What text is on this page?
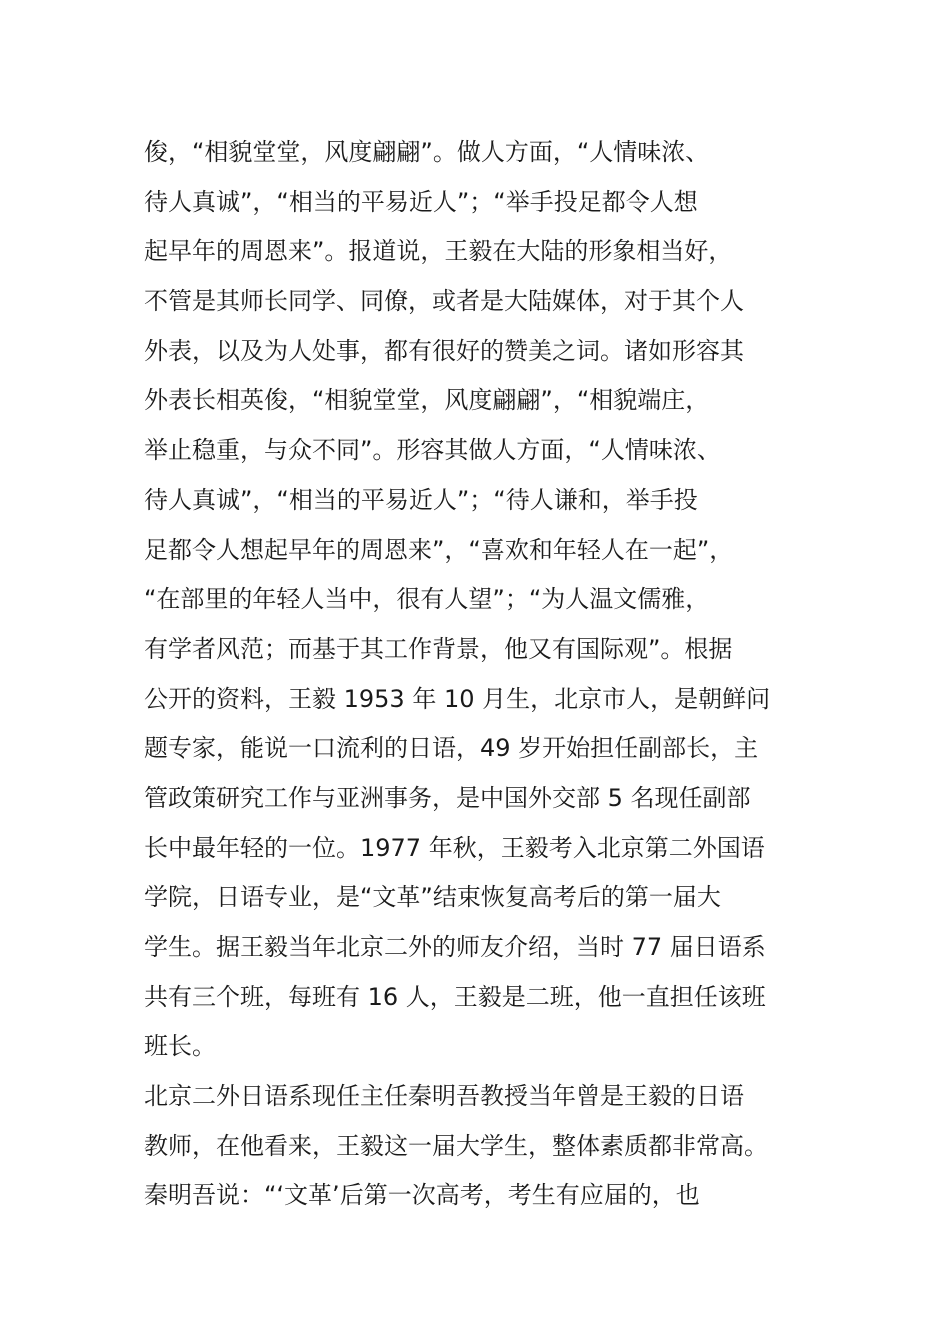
俊，“相貌堂堂，风度翩翩”。做人方面，“人情味浓、
待人真诚”，“相当的平易近人”；“举手投足都令人想
起早年的周恩来”。报道说，王毅在大陆的形象相当好，
不管是其师长同学、同僚，或者是大陆媒体，对于其个人
外表，以及为人处事，都有很好的赞美之词。诸如形容其
外表长相英俊，“相貌堂堂，风度翩翩”，“相貌端庄，
举止稳重，与众不同”。形容其做人方面，“人情味浓、
待人真诚”，“相当的平易近人”；“待人谦和，举手投
足都令人想起早年的周恩来”，“喜欢和年轻人在一起”，
“在部里的年轻人当中，很有人望”；“为人温文儒雅，
有学者风范；而基于其工作背景，他又有国际观”。根据
公开的资料，王毅 1953 年 10 月生，北京市人，是朝鲜问
题专家，能说一口流利的日语，49 岁开始担任副部长，主
管政策研究工作与亚洲事务，是中国外交部 5 名现任副部
长中最年轻的一位。1977 年秋，王毅考入北京第二外国语
学院，日语专业，是“文革”结束恢复高考后的第一届大
学生。据王毅当年北京二外的师友介绍，当时 77 届日语系
共有三个班，每班有 16 人，王毅是二班，他一直担任该班
班长。
北京二外日语系现任主任秦明吾教授当年曾是王毅的日语
教师，在他看来，王毅这一届大学生，整体素质都非常高。
秦明吾说：“‘文革’后第一次高考，考生有应届的，也
